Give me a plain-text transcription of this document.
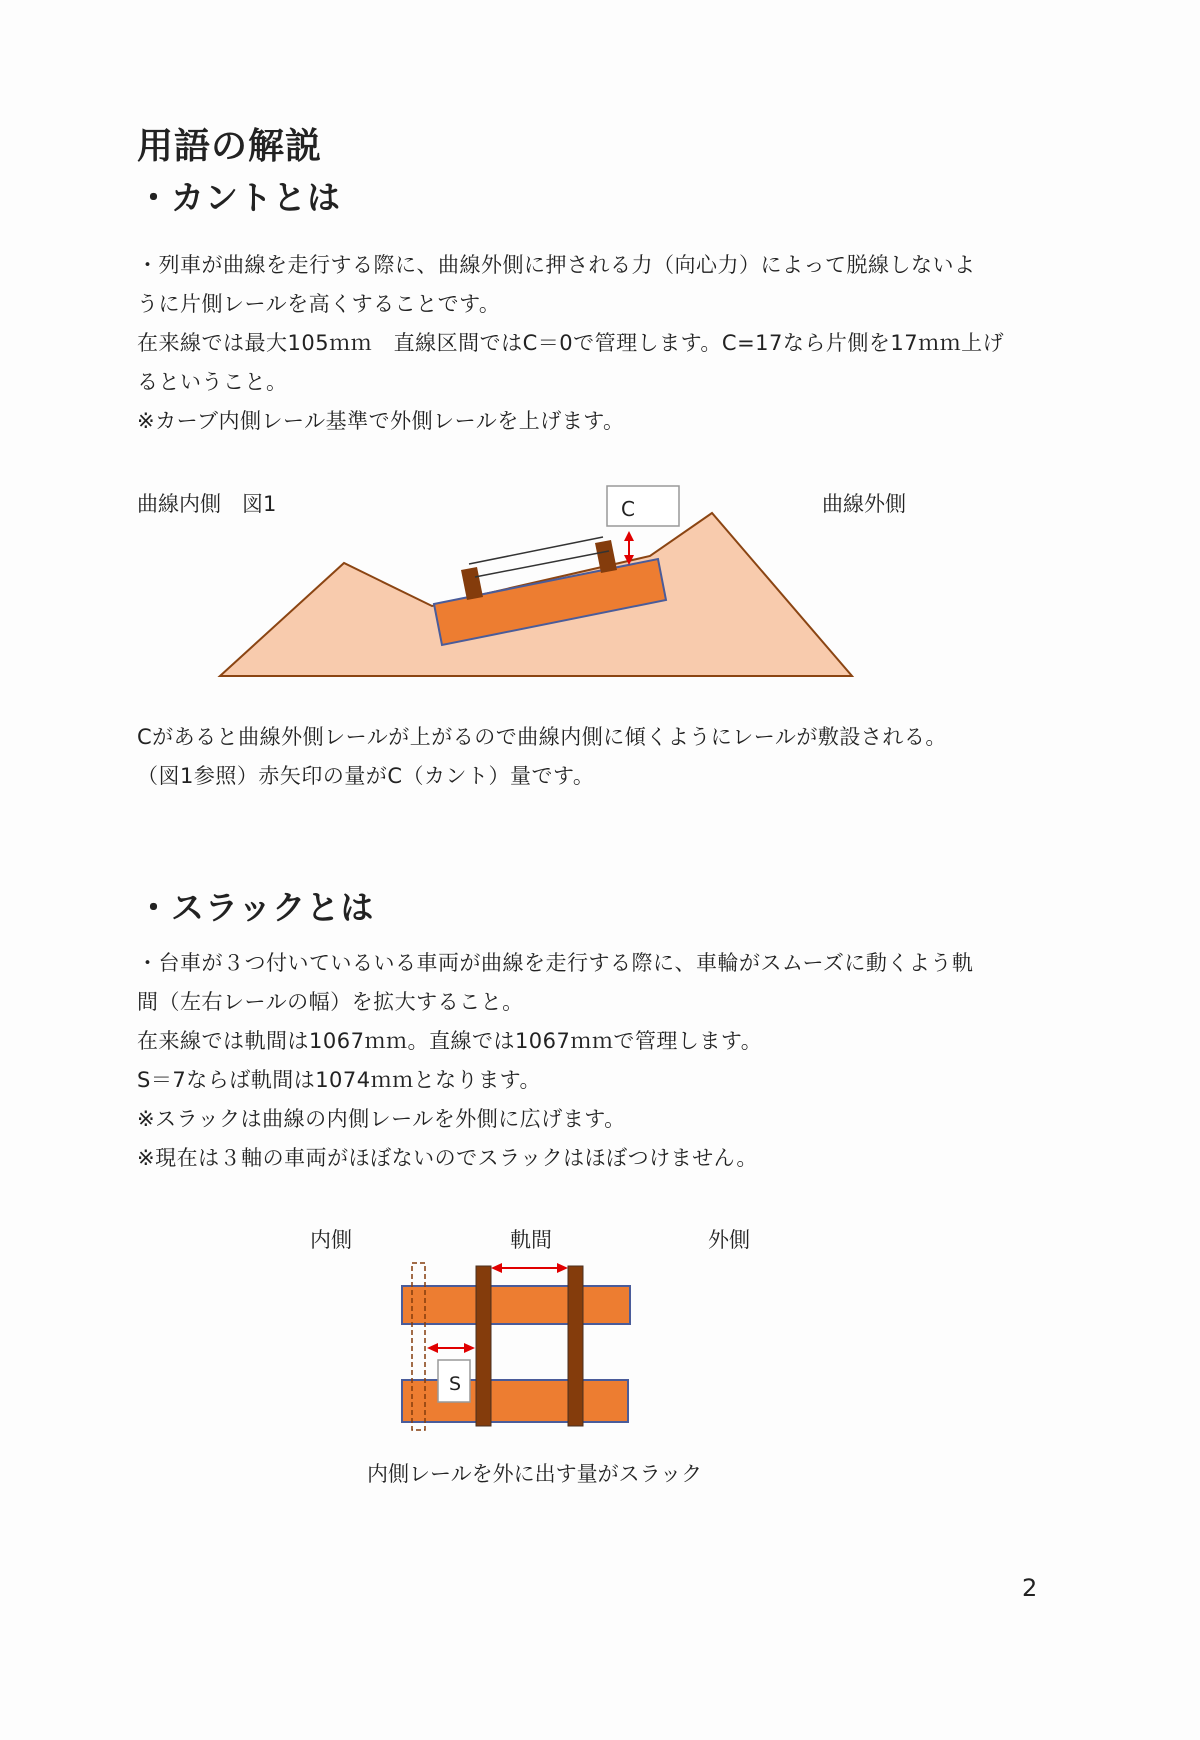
用語の解説
・カントとは

・列車が曲線を走行する際に、曲線外側に押される力（向心力）によって脱線しないよ

うに片側レールを高くすることです。

在来線では最大105ｍｍ　直線区間ではC＝0で管理します。C=17なら片側を17ｍｍ上げ

るということ。

※カーブ内側レール基準で外側レールを上げます。

曲線内側　図1	曲線外側
C

Cがあると曲線外側レールが上がるので曲線内側に傾くようにレールが敷設される。

（図1参照）赤矢印の量がC（カント）量です。

・スラックとは

・台車が３つ付いているいる車両が曲線を走行する際に、車輪がスムーズに動くよう軌

間（左右レールの幅）を拡大すること。

在来線では軌間は1067ｍｍ。直線では1067ｍｍで管理します。

S＝7ならば軌間は1074ｍｍとなります。

※スラックは曲線の内側レールを外側に広げます。

※現在は３軸の車両がほぼないのでスラックはほぼつけません。

内側	軌間	外側
S
内側レールを外に出す量がスラック
2
